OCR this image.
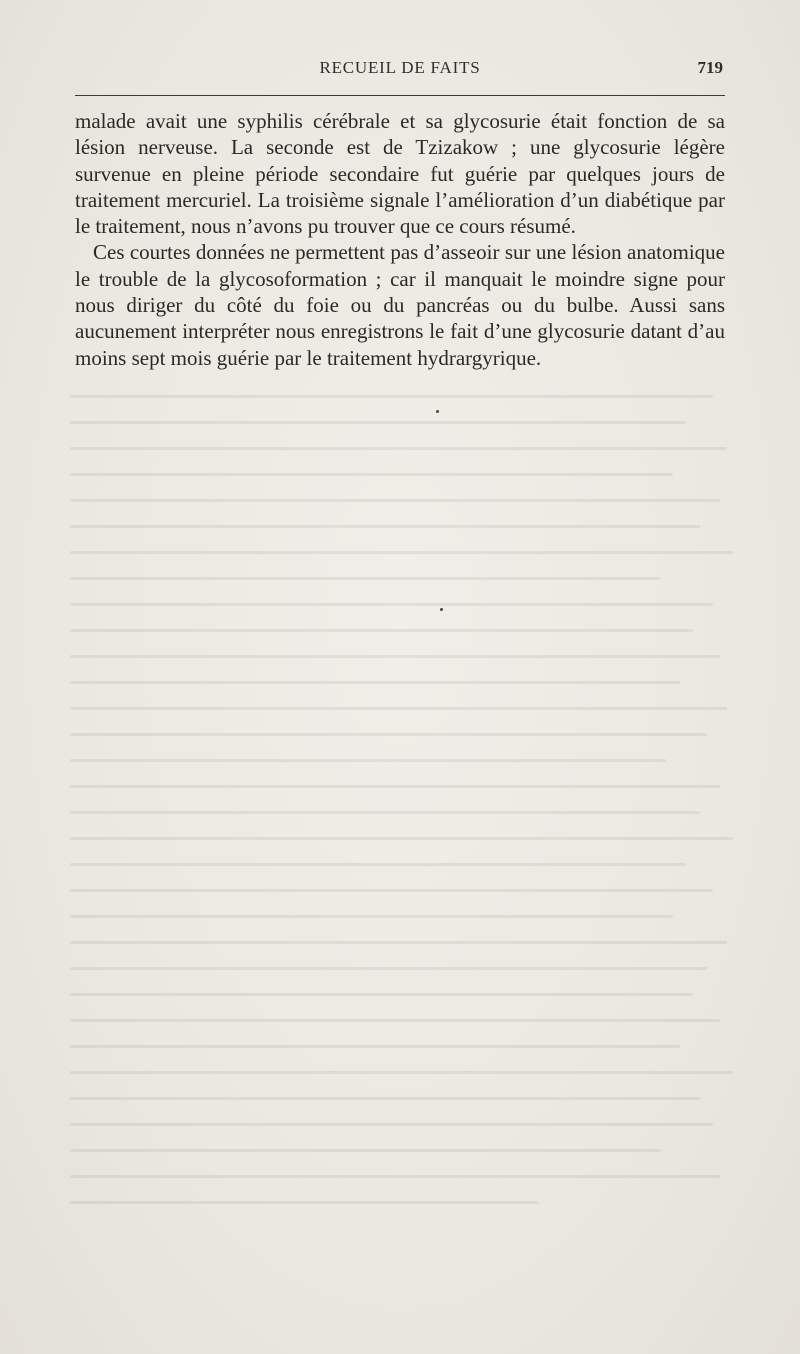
RECUEIL DE FAITS	719

malade avait une syphilis cérébrale et sa glycosurie était fonction de sa lésion nerveuse. La seconde est de Tzizakow ; une glycosurie légère survenue en pleine période secondaire fut guérie par quelques jours de traitement mercuriel. La troisième signale l’amélioration d’un diabétique par le traitement, nous n’avons pu trouver que ce cours résumé.

Ces courtes données ne permettent pas d’asseoir sur une lésion anatomique le trouble de la glycosoformation ; car il manquait le moindre signe pour nous diriger du côté du foie ou du pancréas ou du bulbe. Aussi sans aucunement interpréter nous enregistrons le fait d’une glycosurie datant d’au moins sept mois guérie par le traitement hydrargyrique.
